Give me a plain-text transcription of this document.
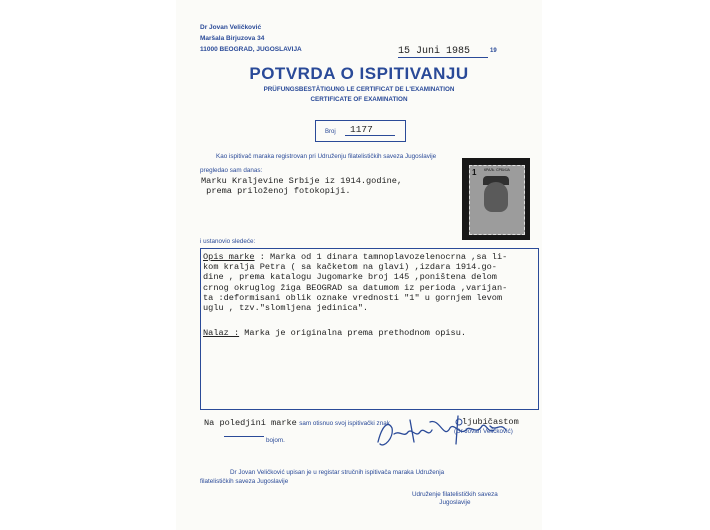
Dr Jovan Veličković
Maršala Birjuzova 34
11000 BEOGRAD, JUGOSLAVIJA	15 Juni 1985	19
POTVRDA O ISPITIVANJU
PRÜFUNGSBESTÄTIGUNG LE CERTIFICAT DE L'EXAMINATION
CERTIFICATE OF EXAMINATION
Broj 1177
Kao ispitivač maraka registrovan pri Udruženju filatelističkih saveza Jugoslavije
pregledao sam danas:
Marku Kraljevine Srbije iz 1914.godine,
prema priloženoj fotokopiji.
1 КРАЉ. СРБИЈА
i ustanovio sledeće:
Opis marke : Marka od 1 dinara tamnoplavozelenocrna ,sa li-
kom kralja Petra ( sa kačketom na glavi) ,izdara 1914.go-
dine , prema katalogu Jugomarke broj 145 ,poništena delom
crnog okruglog žiga BEOGRAD sa datumom iz perioda ,varijan-
ta :deformisani oblik oznake vrednosti "1" u gornjem levom
uglu , tzv."slomljena jedinica".
Nalaz : Marka je originalna prema prethodnom opisu.
Na poledjini marke sam otisnuo svoj ispitivački znak	ljubičastom
bojom.
(Dr Jovan Veličković)
Dr Jovan Veličković upisan je u registar stručnih ispitivača maraka Udruženja
filatelističkih saveza Jugoslavije
Udruženje filatelističkih saveza
Jugoslavije
